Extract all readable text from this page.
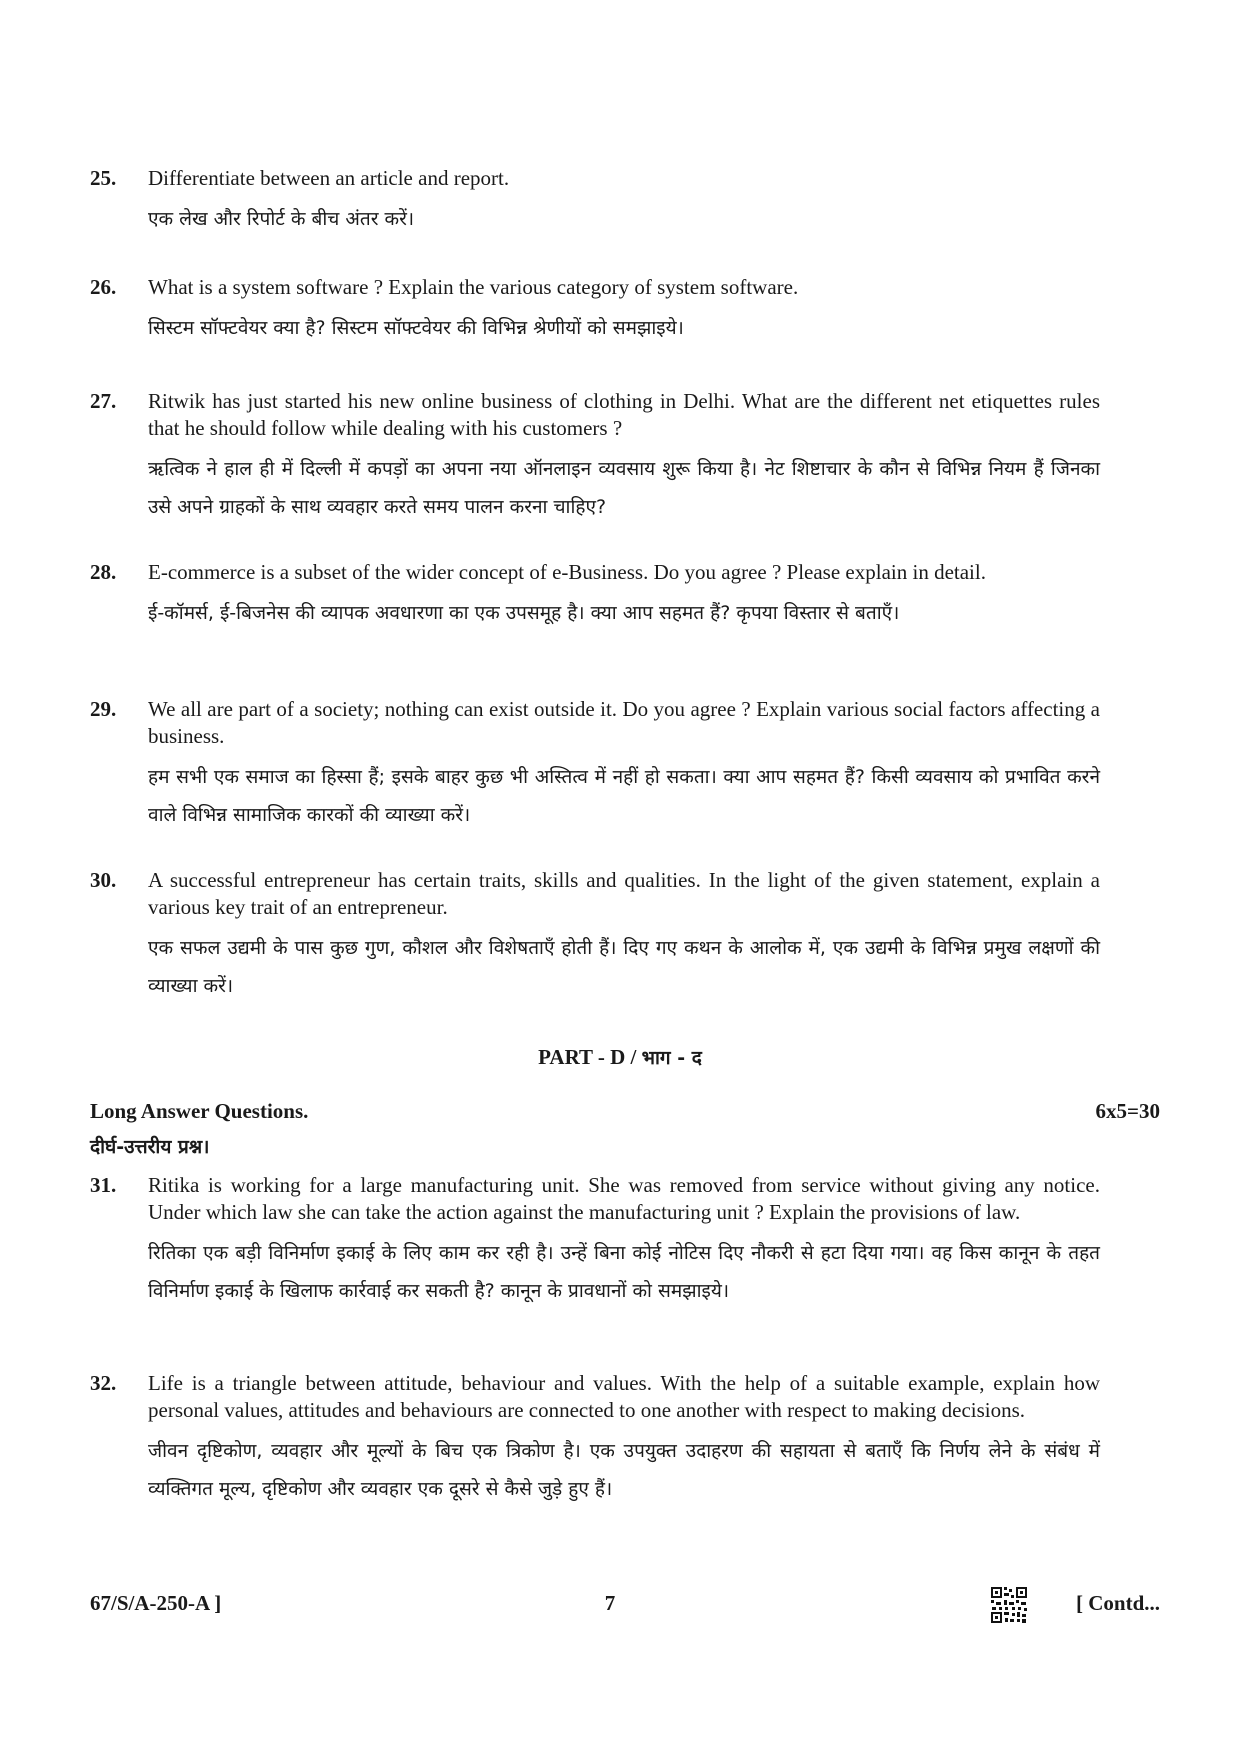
25. Differentiate between an article and report.
एक लेख और रिपोर्ट के बीच अंतर करें।
26. What is a system software ? Explain the various category of system software.
सिस्टम सॉफ्टवेयर क्या है? सिस्टम सॉफ्टवेयर की विभिन्न श्रेणीयों को समझाइये।
27. Ritwik has just started his new online business of clothing in Delhi. What are the different net etiquettes rules that he should follow while dealing with his customers ?
ऋत्विक ने हाल ही में दिल्ली में कपड़ों का अपना नया ऑनलाइन व्यवसाय शुरू किया है। नेट शिष्टाचार के कौन से विभिन्न नियम हैं जिनका उसे अपने ग्राहकों के साथ व्यवहार करते समय पालन करना चाहिए?
28. E-commerce is a subset of the wider concept of e-Business. Do you agree ? Please explain in detail.
ई-कॉमर्स, ई-बिजनेस की व्यापक अवधारणा का एक उपसमूह है। क्या आप सहमत हैं? कृपया विस्तार से बताएँ।
29. We all are part of a society; nothing can exist outside it. Do you agree ? Explain various social factors affecting a business.
हम सभी एक समाज का हिस्सा हैं; इसके बाहर कुछ भी अस्तित्व में नहीं हो सकता। क्या आप सहमत हैं? किसी व्यवसाय को प्रभावित करने वाले विभिन्न सामाजिक कारकों की व्याख्या करें।
30. A successful entrepreneur has certain traits, skills and qualities. In the light of the given statement, explain a various key trait of an entrepreneur.
एक सफल उद्यमी के पास कुछ गुण, कौशल और विशेषताएँ होती हैं। दिए गए कथन के आलोक में, एक उद्यमी के विभिन्न प्रमुख लक्षणों की व्याख्या करें।
PART - D / भाग - द
Long Answer Questions.	6x5=30
दीर्घ-उत्तरीय प्रश्न।
31. Ritika is working for a large manufacturing unit. She was removed from service without giving any notice. Under which law she can take the action against the manufacturing unit ? Explain the provisions of law.
रितिका एक बड़ी विनिर्माण इकाई के लिए काम कर रही है। उन्हें बिना कोई नोटिस दिए नौकरी से हटा दिया गया। वह किस कानून के तहत विनिर्माण इकाई के खिलाफ कार्रवाई कर सकती है? कानून के प्रावधानों को समझाइये।
32. Life is a triangle between attitude, behaviour and values. With the help of a suitable example, explain how personal values, attitudes and behaviours are connected to one another with respect to making decisions.
जीवन दृष्टिकोण, व्यवहार और मूल्यों के बिच एक त्रिकोण है। एक उपयुक्त उदाहरण की सहायता से बताएँ कि निर्णय लेने के संबंध में व्यक्तिगत मूल्य, दृष्टिकोण और व्यवहार एक दूसरे से कैसे जुड़े हुए हैं।
67/S/A-250-A ]	7	[ Contd...
